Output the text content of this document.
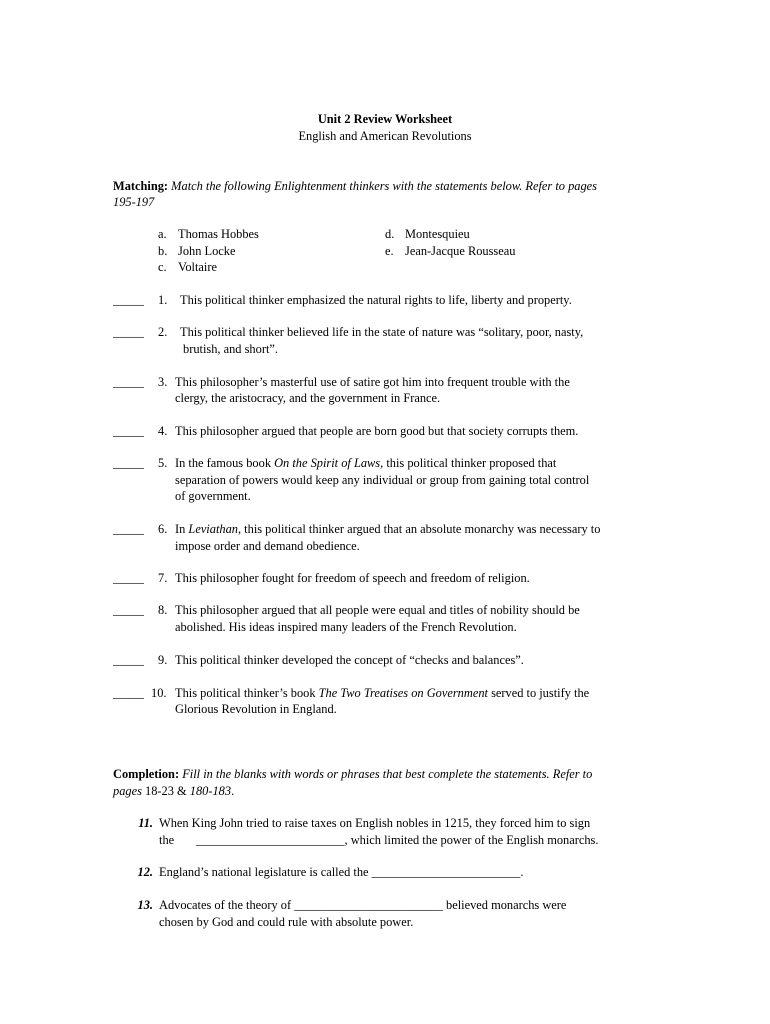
Unit 2 Review Worksheet
English and American Revolutions
Matching: Match the following Enlightenment thinkers with the statements below. Refer to pages
195-197
a. Thomas Hobbes
b. John Locke
c. Voltaire
d. Montesquieu
e. Jean-Jacque Rousseau
_____ 1. This political thinker emphasized the natural rights to life, liberty and property.
_____ 2. This political thinker believed life in the state of nature was “solitary, poor, nasty,
brutish, and short”.
_____ 3. This philosopher’s masterful use of satire got him into frequent trouble with the
clergy, the aristocracy, and the government in France.
_____ 4. This philosopher argued that people are born good but that society corrupts them.
_____ 5. In the famous book On the Spirit of Laws, this political thinker proposed that
separation of powers would keep any individual or group from gaining total control
of government.
_____ 6. In Leviathan, this political thinker argued that an absolute monarchy was necessary to
impose order and demand obedience.
_____ 7. This philosopher fought for freedom of speech and freedom of religion.
_____ 8. This philosopher argued that all people were equal and titles of nobility should be
abolished. His ideas inspired many leaders of the French Revolution.
_____ 9. This political thinker developed the concept of “checks and balances”.
_____ 10. This political thinker’s book The Two Treatises on Government served to justify the
Glorious Revolution in England.
Completion: Fill in the blanks with words or phrases that best complete the statements. Refer to
pages 18-23 & 180-183.
11. When King John tried to raise taxes on English nobles in 1215, they forced him to sign
the       ________________________, which limited the power of the English monarchs.
12. England’s national legislature is called the ________________________.
13. Advocates of the theory of ________________________ believed monarchs were
chosen by God and could rule with absolute power.
